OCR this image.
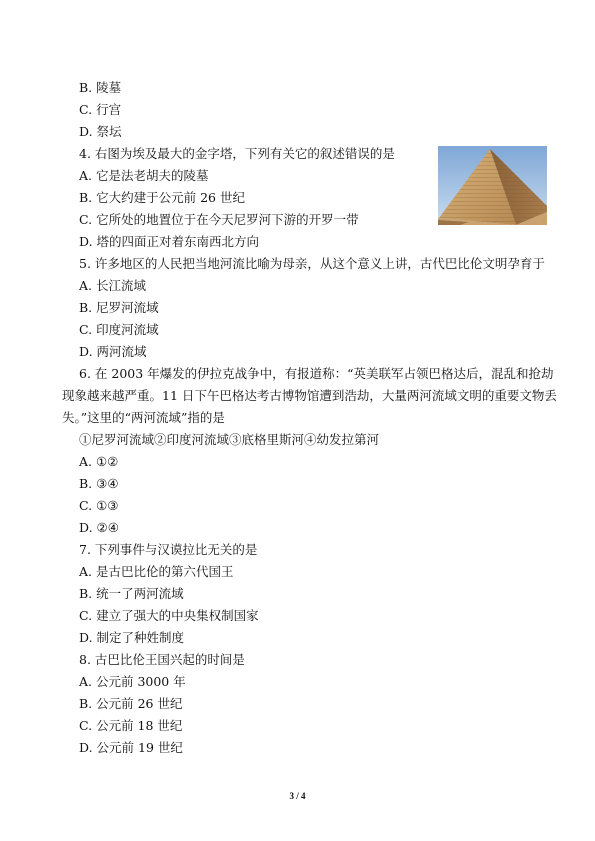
B. 陵墓
C. 行宫
D. 祭坛
4. 右图为埃及最大的金字塔，下列有关它的叙述错误的是
A. 它是法老胡夫的陵墓
B. 它大约建于公元前 26 世纪
C. 它所处的地置位于在今天尼罗河下游的开罗一带
D. 塔的四面正对着东南西北方向
5. 许多地区的人民把当地河流比喻为母亲，从这个意义上讲，古代巴比伦文明孕育于
A. 长江流域
B. 尼罗河流域
C. 印度河流域
D. 两河流域
6. 在 2003 年爆发的伊拉克战争中，有报道称：“英美联军占领巴格达后，混乱和抢劫
现象越来越严重。11 日下午巴格达考古博物馆遭到浩劫，大量两河流域文明的重要文物丢
失。”这里的“两河流域”指的是
①尼罗河流域②印度河流域③底格里斯河④幼发拉第河
A. ①②
B. ③④
C. ①③
D. ②④
7. 下列事件与汉谟拉比无关的是
A. 是古巴比伦的第六代国王
B. 统一了两河流域
C. 建立了强大的中央集权制国家
D. 制定了种姓制度
8. 古巴比伦王国兴起的时间是
A. 公元前 3000 年
B. 公元前 26 世纪
C. 公元前 18 世纪
D. 公元前 19 世纪
3 / 4
